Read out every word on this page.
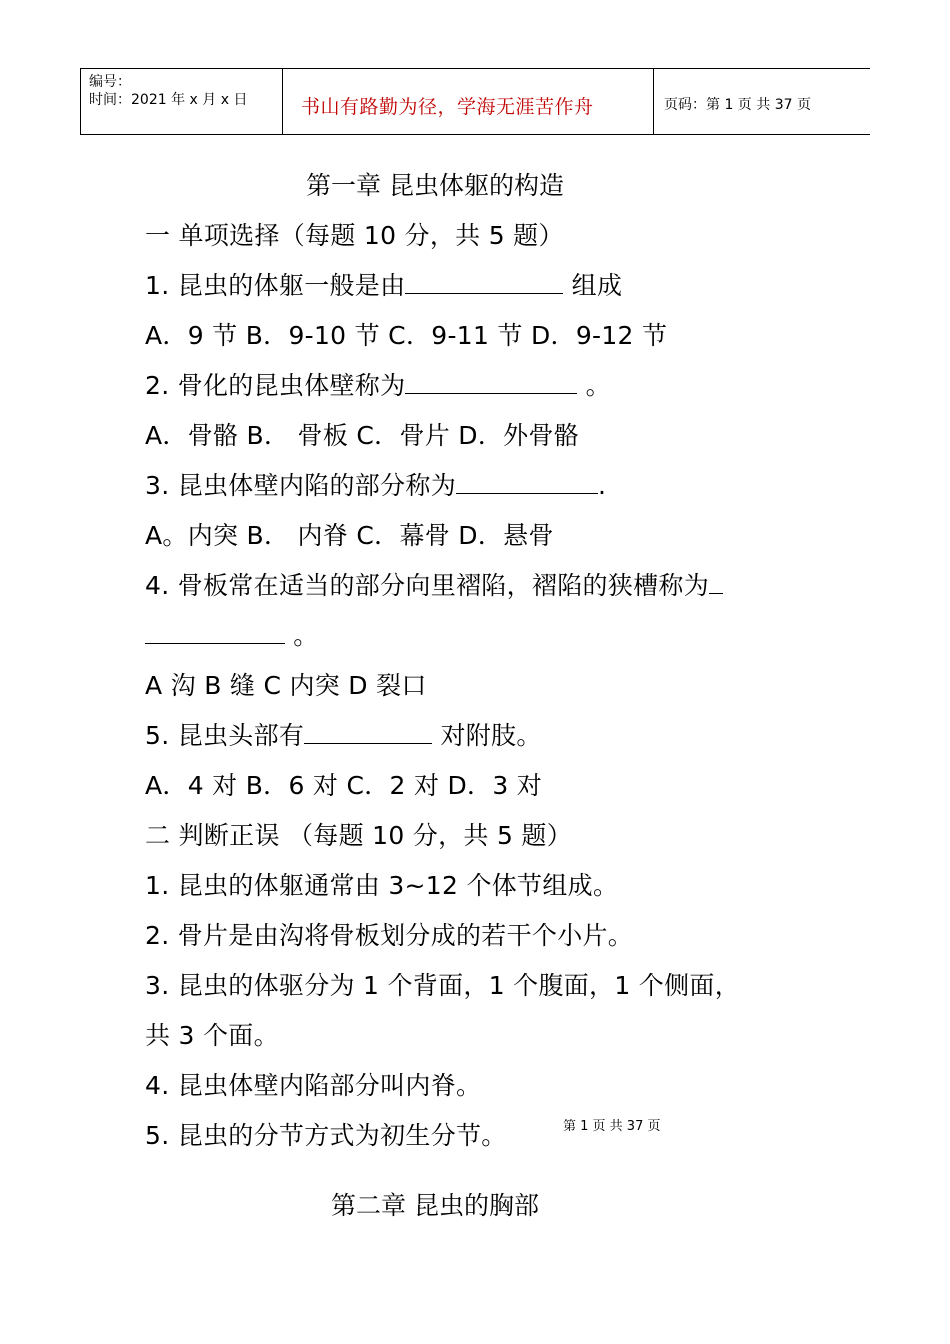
编号：
时间：2021 年 x 月 x 日	书山有路勤为径，学海无涯苦作舟	页码：第 1 页 共 37 页
第一章 昆虫体躯的构造
一 单项选择（每题 10 分，共 5 题）
1. 昆虫的体躯一般是由	组成
A．9 节 B．9-10 节 C．9-11 节 D．9-12 节
2. 骨化的昆虫体壁称为	。
A．骨骼 B． 骨板 C．骨片 D．外骨骼
3. 昆虫体壁内陷的部分称为	.
A。内突 B． 内脊 C．幕骨 D．悬骨
4. 骨板常在适当的部分向里褶陷，褶陷的狭槽称为
。
A 沟 B 缝 C 内突 D 裂口
5. 昆虫头部有	对附肢。
A．4 对 B．6 对 C．2 对 D．3 对
二 判断正误 （每题 10 分，共 5 题）
1. 昆虫的体躯通常由 3~12 个体节组成。
2. 骨片是由沟将骨板划分成的若干个小片。
3. 昆虫的体驱分为 1 个背面，1 个腹面，1 个侧面，
共 3 个面。
4. 昆虫体壁内陷部分叫内脊。
5. 昆虫的分节方式为初生分节。	第 1 页 共 37 页
第二章 昆虫的胸部
